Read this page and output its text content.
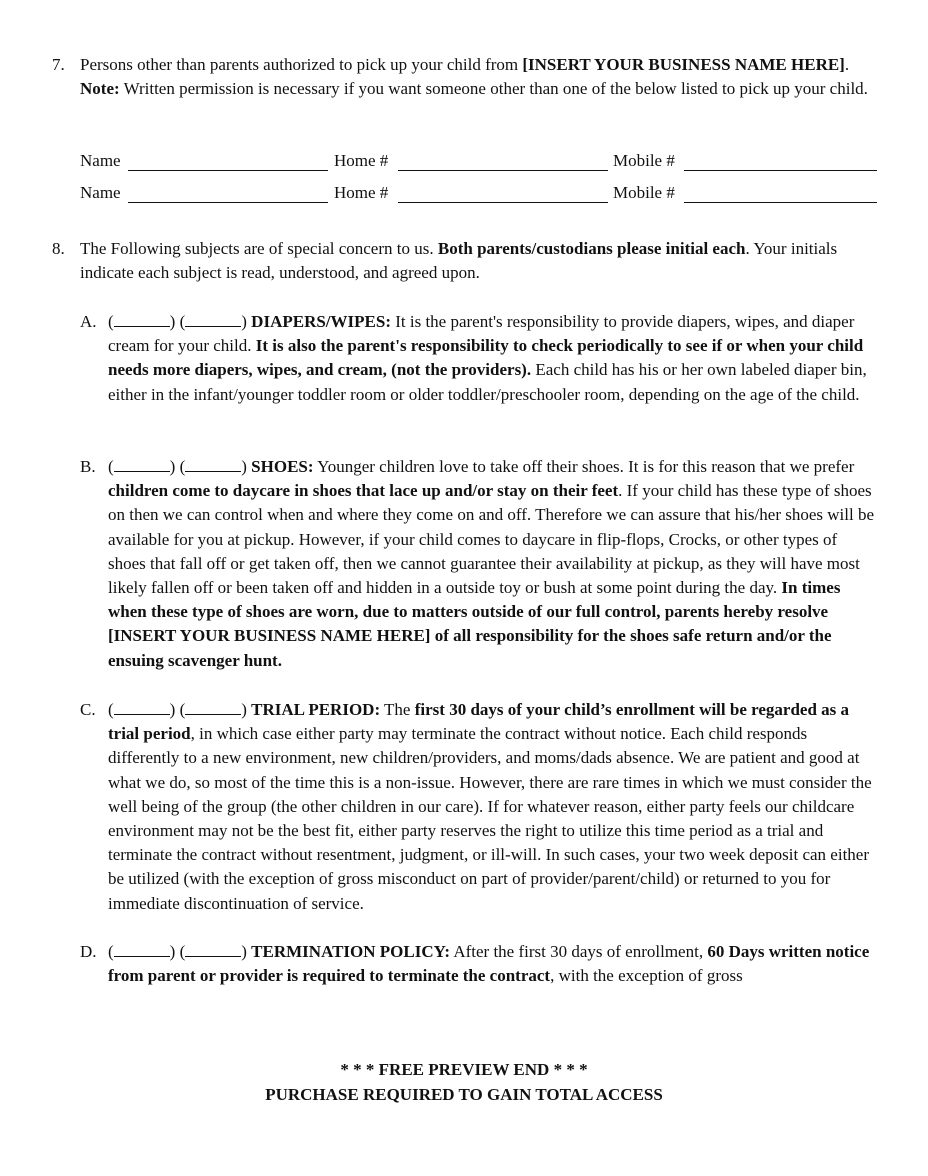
7. Persons other than parents authorized to pick up your child from [INSERT YOUR BUSINESS NAME HERE]. Note: Written permission is necessary if you want someone other than one of the below listed to pick up your child.
Name	Home #	Mobile #
Name	Home #	Mobile #
8. The Following subjects are of special concern to us. Both parents/custodians please initial each. Your initials indicate each subject is read, understood, and agreed upon.
A. (	) (	) DIAPERS/WIPES: It is the parent's responsibility to provide diapers, wipes, and diaper cream for your child. It is also the parent's responsibility to check periodically to see if or when your child needs more diapers, wipes, and cream, (not the providers). Each child has his or her own labeled diaper bin, either in the infant/younger toddler room or older toddler/preschooler room, depending on the age of the child.
B. (	) (	) SHOES: Younger children love to take off their shoes. It is for this reason that we prefer children come to daycare in shoes that lace up and/or stay on their feet. If your child has these type of shoes on then we can control when and where they come on and off. Therefore we can assure that his/her shoes will be available for you at pickup. However, if your child comes to daycare in flip-flops, Crocks, or other types of shoes that fall off or get taken off, then we cannot guarantee their availability at pickup, as they will have most likely fallen off or been taken off and hidden in a outside toy or bush at some point during the day. In times when these type of shoes are worn, due to matters outside of our full control, parents hereby resolve [INSERT YOUR BUSINESS NAME HERE] of all responsibility for the shoes safe return and/or the ensuing scavenger hunt.
C. (	) (	) TRIAL PERIOD: The first 30 days of your child’s enrollment will be regarded as a trial period, in which case either party may terminate the contract without notice. Each child responds differently to a new environment, new children/providers, and moms/dads absence. We are patient and good at what we do, so most of the time this is a non-issue. However, there are rare times in which we must consider the well being of the group (the other children in our care). If for whatever reason, either party feels our childcare environment may not be the best fit, either party reserves the right to utilize this time period as a trial and terminate the contract without resentment, judgment, or ill-will. In such cases, your two week deposit can either be utilized (with the exception of gross misconduct on part of provider/parent/child) or returned to you for immediate discontinuation of service.
D. (	) (	) TERMINATION POLICY: After the first 30 days of enrollment, 60 Days written notice from parent or provider is required to terminate the contract, with the exception of gross
* * * FREE PREVIEW END * * *
PURCHASE REQUIRED TO GAIN TOTAL ACCESS
